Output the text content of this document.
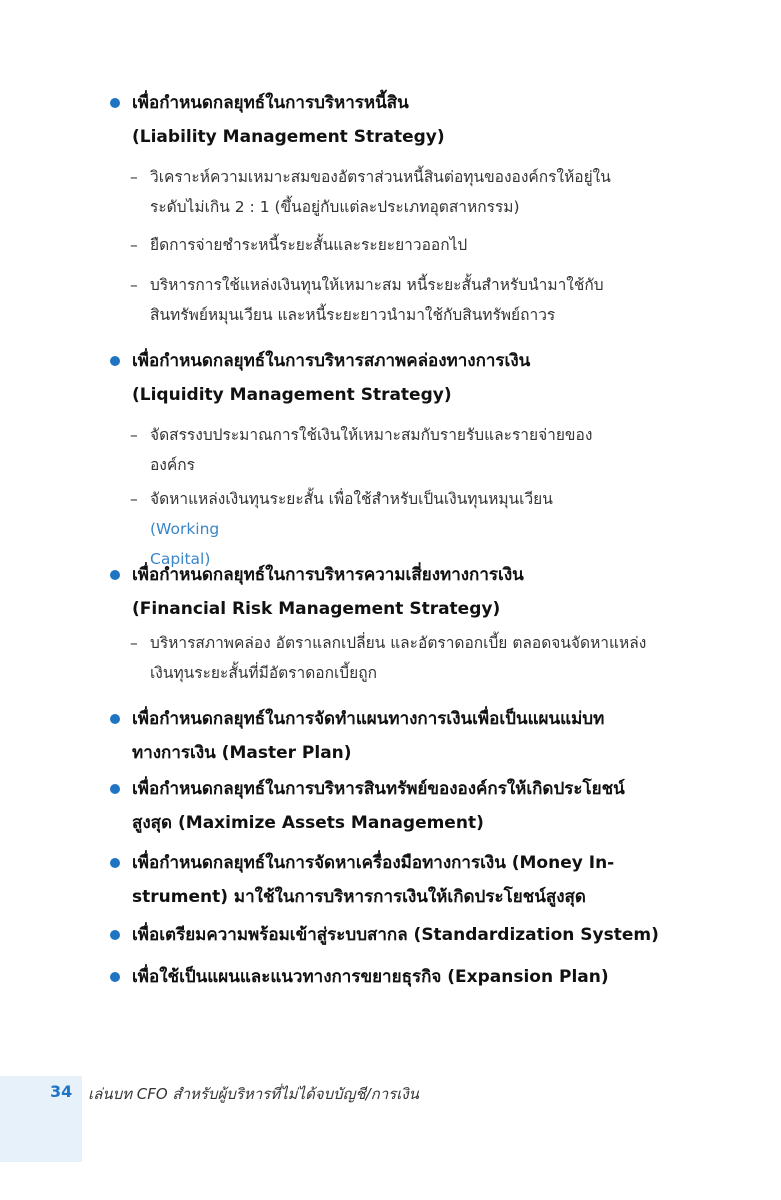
เพื่อกำหนดกลยุทธ์ในการบริหารหนี้สิน
(Liability Management Strategy)
– วิเคราะห์ความเหมาะสมของอัตราส่วนหนี้สินต่อทุนขององค์กรให้อยู่ใน
ระดับไม่เกิน 2 : 1 (ขึ้นอยู่กับแต่ละประเภทอุตสาหกรรม)
– ยืดการจ่ายชำระหนี้ระยะสั้นและระยะยาวออกไป
– บริหารการใช้แหล่งเงินทุนให้เหมาะสม หนี้ระยะสั้นสำหรับนำมาใช้กับ
สินทรัพย์หมุนเวียน และหนี้ระยะยาวนำมาใช้กับสินทรัพย์ถาวร
เพื่อกำหนดกลยุทธ์ในการบริหารสภาพคล่องทางการเงิน
(Liquidity Management Strategy)
– จัดสรรงบประมาณการใช้เงินให้เหมาะสมกับรายรับและรายจ่ายของ
องค์กร
– จัดหาแหล่งเงินทุนระยะสั้น เพื่อใช้สำหรับเป็นเงินทุนหมุนเวียน
(Working
Capital)
เพื่อกำหนดกลยุทธ์ในการบริหารความเสี่ยงทางการเงิน
(Financial Risk Management Strategy)
– บริหารสภาพคล่อง อัตราแลกเปลี่ยน และอัตราดอกเบี้ย ตลอดจนจัดหาแหล่ง
เงินทุนระยะสั้นที่มีอัตราดอกเบี้ยถูก
เพื่อกำหนดกลยุทธ์ในการจัดทำแผนทางการเงินเพื่อเป็นแผนแม่บท
ทางการเงิน (Master Plan)
เพื่อกำหนดกลยุทธ์ในการบริหารสินทรัพย์ขององค์กรให้เกิดประโยชน์
สูงสุด (Maximize Assets Management)
เพื่อกำหนดกลยุทธ์ในการจัดหาเครื่องมือทางการเงิน (Money In-
strument) มาใช้ในการบริหารการเงินให้เกิดประโยชน์สูงสุด
เพื่อเตรียมความพร้อมเข้าสู่ระบบสากล (Standardization System)
เพื่อใช้เป็นแผนและแนวทางการขยายธุรกิจ (Expansion Plan)
34 เล่นบท CFO สำหรับผู้บริหารที่ไม่ได้จบบัญชี/การเงิน
